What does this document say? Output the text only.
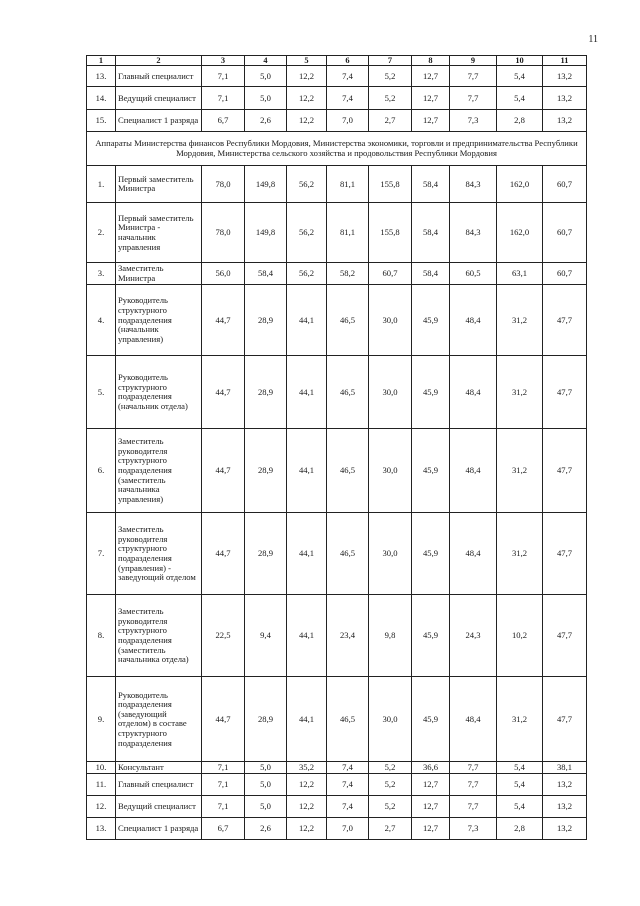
11
1	2	3	4	5	6	7	8	9	10	11
13.	Главный специалист	7,1	5,0	12,2	7,4	5,2	12,7	7,7	5,4	13,2
14.	Ведущий специалист	7,1	5,0	12,2	7,4	5,2	12,7	7,7	5,4	13,2
15.	Специалист 1 разряда	6,7	2,6	12,2	7,0	2,7	12,7	7,3	2,8	13,2
Аппараты Министерства финансов Республики Мордовия, Министерства экономики, торговли и предпринимательства Республики Мордовия, Министерства сельского хозяйства и продовольствия Республики Мордовия										
1.	Первый заместитель Министра	78,0	149,8	56,2	81,1	155,8	58,4	84,3	162,0	60,7
2.	Первый заместитель Министра - начальник управления	78,0	149,8	56,2	81,1	155,8	58,4	84,3	162,0	60,7
3.	Заместитель Министра	56,0	58,4	56,2	58,2	60,7	58,4	60,5	63,1	60,7
4.	Руководитель структурного подразделения (начальник управления)	44,7	28,9	44,1	46,5	30,0	45,9	48,4	31,2	47,7
5.	Руководитель структурного подразделения (начальник отдела)	44,7	28,9	44,1	46,5	30,0	45,9	48,4	31,2	47,7
6.	Заместитель руководителя структурного подразделения (заместитель начальника управления)	44,7	28,9	44,1	46,5	30,0	45,9	48,4	31,2	47,7
7.	Заместитель руководителя структурного подразделения (управления) - заведующий отделом	44,7	28,9	44,1	46,5	30,0	45,9	48,4	31,2	47,7
8.	Заместитель руководителя структурного подразделения (заместитель начальника отдела)	22,5	9,4	44,1	23,4	9,8	45,9	24,3	10,2	47,7
9.	Руководитель подразделения (заведующий отделом) в составе структурного подразделения	44,7	28,9	44,1	46,5	30,0	45,9	48,4	31,2	47,7
10.	Консультант	7,1	5,0	35,2	7,4	5,2	36,6	7,7	5,4	38,1
11.	Главный специалист	7,1	5,0	12,2	7,4	5,2	12,7	7,7	5,4	13,2
12.	Ведущий специалист	7,1	5,0	12,2	7,4	5,2	12,7	7,7	5,4	13,2
13.	Специалист 1 разряда	6,7	2,6	12,2	7,0	2,7	12,7	7,3	2,8	13,2
